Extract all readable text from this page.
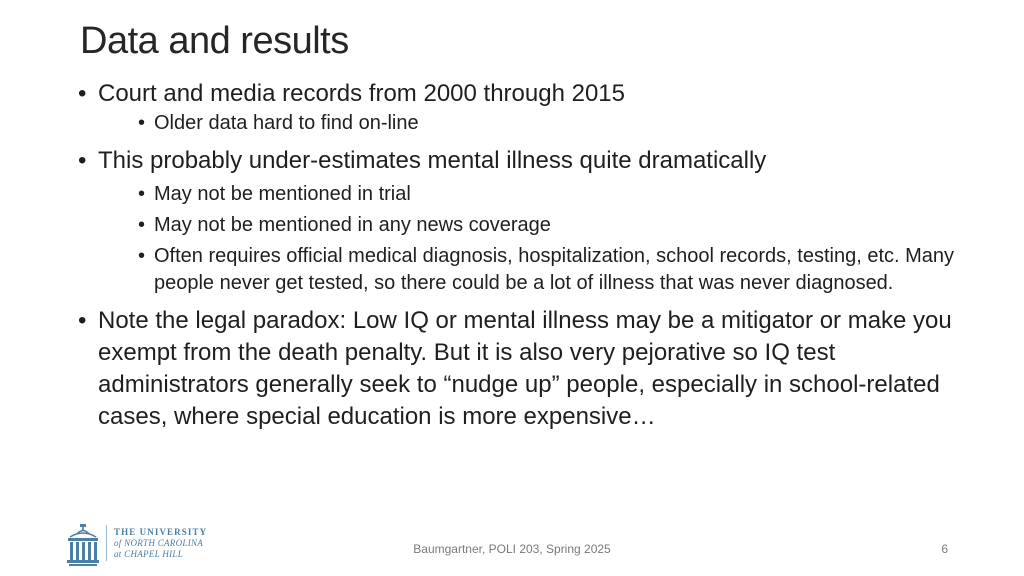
Data and results
• Court and media records from 2000 through 2015
• Older data hard to find on-line
• This probably under-estimates mental illness quite dramatically
• May not be mentioned in trial
• May not be mentioned in any news coverage
• Often requires official medical diagnosis, hospitalization, school records, testing, etc. Many people never get tested, so there could be a lot of illness that was never diagnosed.
• Note the legal paradox: Low IQ or mental illness may be a mitigator or make you exempt from the death penalty. But it is also very pejorative so IQ test administrators generally seek to “nudge up” people, especially in school-related cases, where special education is more expensive…
THE UNIVERSITY
of NORTH CAROLINA
at CHAPEL HILL	Baumgartner, POLI 203, Spring 2025	6
